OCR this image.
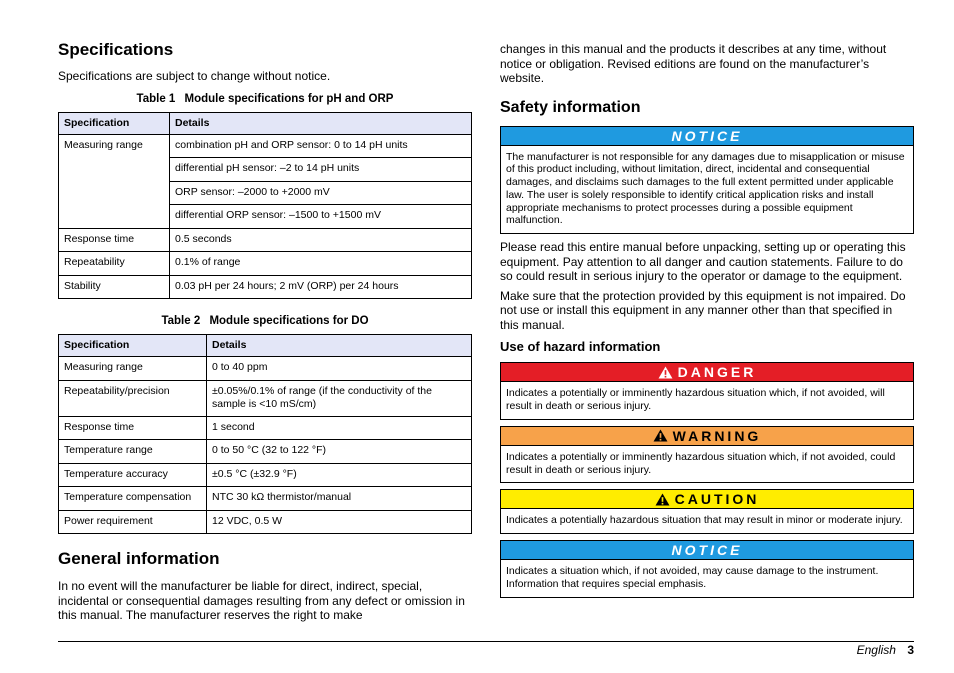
Specifications

Specifications are subject to change without notice.

Table 1 Module specifications for pH and ORP
Specification	Details
Measuring range	combination pH and ORP sensor: 0 to 14 pH units
	differential pH sensor: –2 to 14 pH units
	ORP sensor: –2000 to +2000 mV
	differential ORP sensor: –1500 to +1500 mV
Response time	0.5 seconds
Repeatability	0.1% of range
Stability	0.03 pH per 24 hours; 2 mV (ORP) per 24 hours
Table 2 Module specifications for DO
Specification	Details
Measuring range	0 to 40 ppm
Repeatability/precision	±0.05%/0.1% of range (if the conductivity of the sample is <10 mS/cm)
Response time	1 second
Temperature range	0 to 50 °C (32 to 122 °F)
Temperature accuracy	±0.5 °C (±32.9 °F)
Temperature compensation	NTC 30 kΩ thermistor/manual
Power requirement	12 VDC, 0.5 W
General information

In no event will the manufacturer be liable for direct, indirect, special, incidental or consequential damages resulting from any defect or omission in this manual. The manufacturer reserves the right to make

changes in this manual and the products it describes at any time, without notice or obligation. Revised editions are found on the manufacturer’s website.

Safety information
NOTICE
The manufacturer is not responsible for any damages due to misapplication or misuse of this product including, without limitation, direct, incidental and consequential damages, and disclaims such damages to the full extent permitted under applicable law. The user is solely responsible to identify critical application risks and install appropriate mechanisms to protect processes during a possible equipment malfunction.

Please read this entire manual before unpacking, setting up or operating this equipment. Pay attention to all danger and caution statements. Failure to do so could result in serious injury to the operator or damage to the equipment.

Make sure that the protection provided by this equipment is not impaired. Do not use or install this equipment in any manner other than that specified in this manual.

Use of hazard information
DANGER
Indicates a potentially or imminently hazardous situation which, if not avoided, will result in death or serious injury.
WARNING
Indicates a potentially or imminently hazardous situation which, if not avoided, could result in death or serious injury.
CAUTION
Indicates a potentially hazardous situation that may result in minor or moderate injury.
NOTICE
Indicates a situation which, if not avoided, may cause damage to the instrument. Information that requires special emphasis.
English 3
